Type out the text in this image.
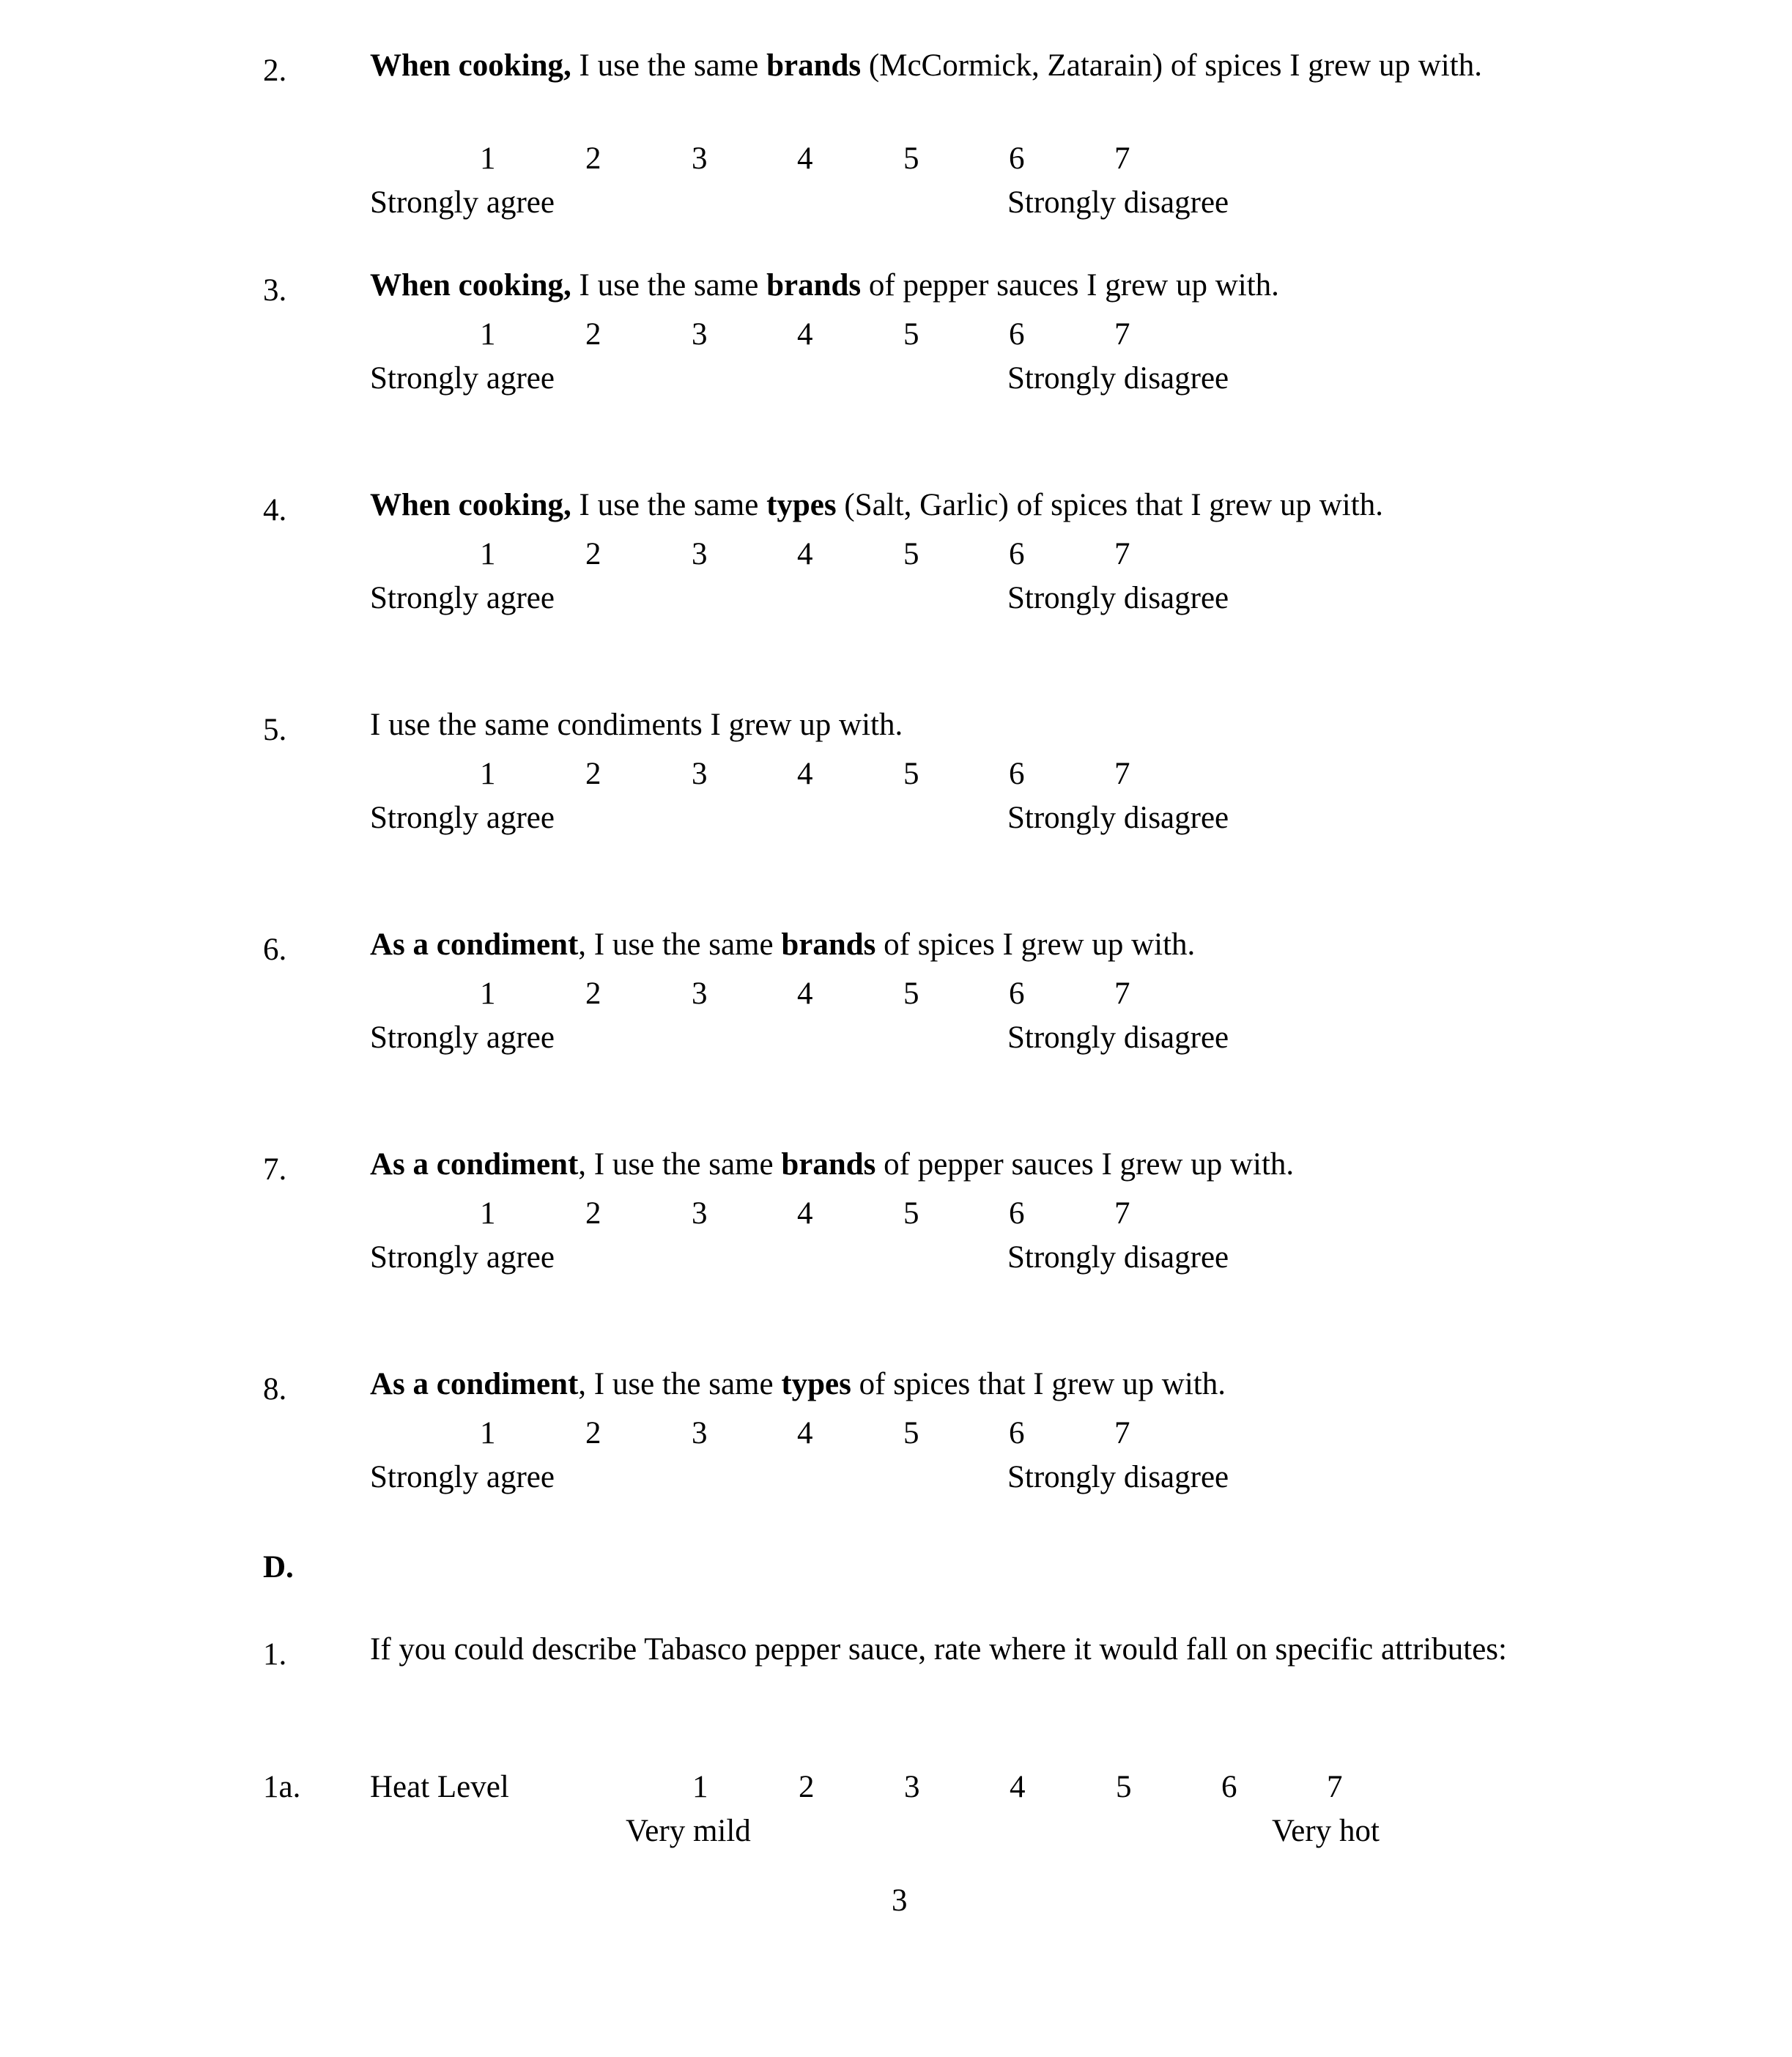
2.	When cooking, I use the same brands (McCormick, Zatarain) of spices I grew up with.
1	2	3	4	5	6	7
Strongly agree	Strongly disagree
3.	When cooking, I use the same brands of pepper sauces I grew up with.
1	2	3	4	5	6	7
Strongly agree	Strongly disagree
4.	When cooking, I use the same types (Salt, Garlic) of spices that I grew up with.
1	2	3	4	5	6	7
Strongly agree	Strongly disagree
5.	I use the same condiments I grew up with.
1	2	3	4	5	6	7
Strongly agree	Strongly disagree
6.	As a condiment, I use the same brands of spices I grew up with.
1	2	3	4	5	6	7
Strongly agree	Strongly disagree
7.	As a condiment, I use the same brands of pepper sauces I grew up with.
1	2	3	4	5	6	7
Strongly agree	Strongly disagree
8.	As a condiment, I use the same types of spices that I grew up with.
1	2	3	4	5	6	7
Strongly agree	Strongly disagree
D.
1.	If you could describe Tabasco pepper sauce, rate where it would fall on specific attributes:
1a. Heat Level	1	2	3	4	5	6	7
Very mild	Very hot
3
